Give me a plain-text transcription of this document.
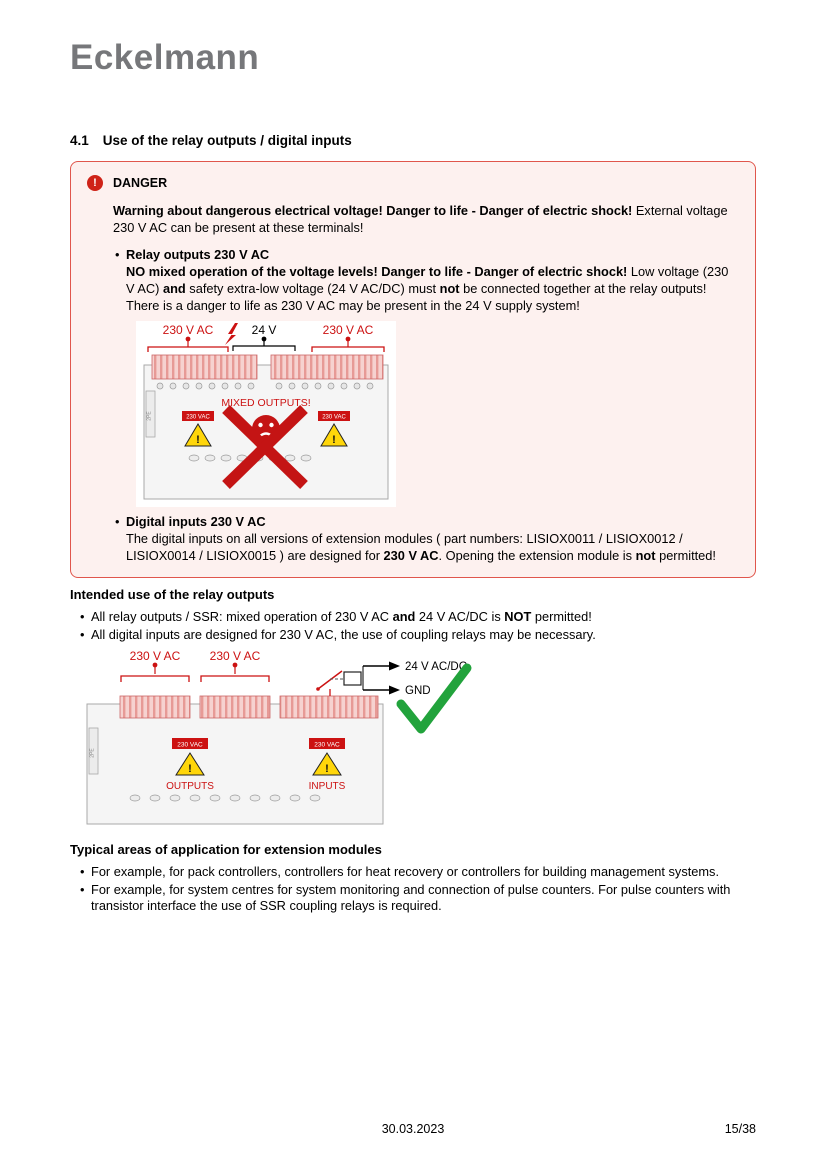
Eckelmann
4.1 Use of the relay outputs / digital inputs
!	DANGER

Warning about dangerous electrical voltage! Danger to life - Danger of electric shock! External voltage 230 V AC can be present at these terminals!

• Relay outputs 230 V AC
NO mixed operation of the voltage levels! Danger to life - Danger of electric shock! Low voltage (230 V AC) and safety extra-low voltage (24 V AC/DC) must not be connected together at the relay outputs! There is a danger to life as 230 V AC may be present in the 24 V supply system!
2PE
230 V AC	24 V	230 V AC
MIXED OUTPUTS!
230 VAC
!
230 VAC
!
• Digital inputs 230 V AC
The digital inputs on all versions of extension modules ( part numbers: LISIOX0011 / LISIOX0012 / LISIOX0014 / LISIOX0015 ) are designed for 230 V AC. Opening the extension module is not permitted!
Intended use of the relay outputs
• All relay outputs / SSR: mixed operation of 230 V AC and 24 V AC/DC is NOT permitted!
• All digital inputs are designed for 230 V AC, the use of coupling relays may be necessary.
2PE
230 V AC 230 V AC
24 V AC/DC
GND
230 VAC
!
OUTPUTS
230 VAC
!
INPUTS
Typical areas of application for extension modules
• For example, for pack controllers, controllers for heat recovery or controllers for building management systems.
• For example, for system centres for system monitoring and connection of pulse counters. For pulse counters with transistor interface the use of SSR coupling relays is required.
30.03.2023	15/38
